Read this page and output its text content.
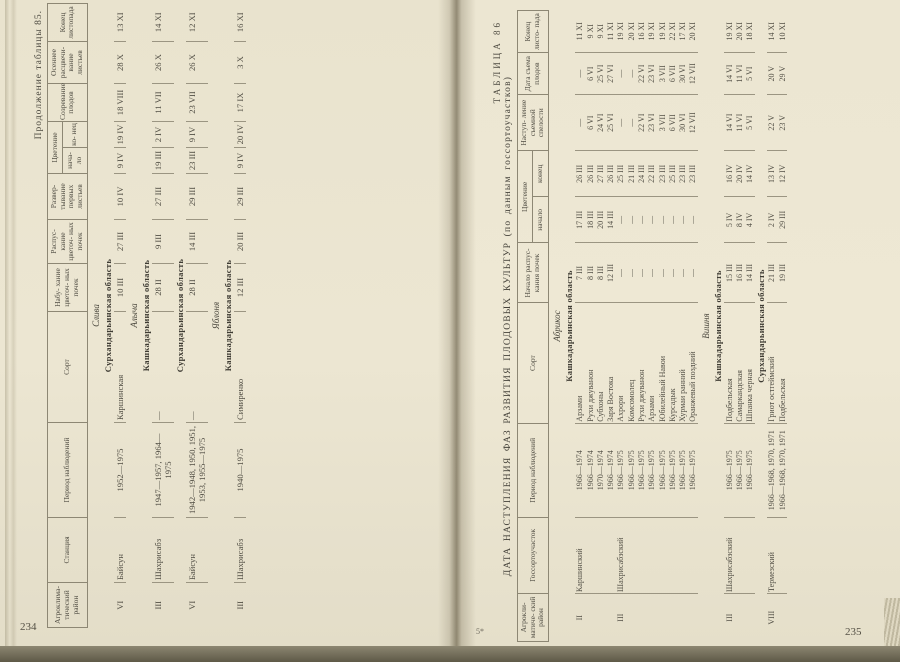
Продолжение таблицы 85.
Агроклима- тический район	Станция	Период наблюдений	Сорт	Набу- хание цветоч- ных почек	Распус- кание цветоч- ных почек	Развер- тывание первых листьев	Цветение		Созревание плодов	Осеннее расцвечи- вание листьев	Конец листопада
							нача- ло	ко- нец			
Слива											
Сурхандарьинская область											
VI	Байсун	1952—1975	Каршинская	10 III	27 III	10 IV	9 IV	19 IV	18 VIII	28 X	13 XI
Алыча											
Кашкадарьинская область											
III	Шахрисабз	1947—1957, 1964—1975	—	28 II	9 III	27 III	19 III	2 IV	11 VII	26 X	14 XI
Сурхандарьинская область											
VI	Байсун	1942—1948, 1950, 1951, 1953, 1955—1975	—	28 II	14 III	29 III	23 III	9 IV	23 VII	26 X	12 XI
Яблоня											
Кашкадарьинская область											
III	Шахрисабз	1940—1975	Симиренко	12 III	20 III	29 III	9 IV	20 IV	17 IX	3 X	16 XI	ТАБЛИЦА 86
ДАТА НАСТУПЛЕНИЯ ФАЗ РАЗВИТИЯ ПЛОДОВЫХ КУЛЬТУР (по данным госсортоучастков)
Агрокли- матиче- ский район	Госсортоучасток	Период наблюдений	Сорт	Начало распус- кания почек	Цветение		Наступ- ление съемной спелости	Дата съема плодов	Конец листо- пада
					начало	конец			
Абрикос									
Кашкадарьинская область									
II	Каршинский	1966—1974	Арзами	7 III	17 III	26 III	—	—	11 XI
		1966—1974	Рухи джуванон	8 III	18 III	26 III	6 VI	6 VI	9 XI
		1970—1974	Субхоны	8 III	20 III	27 III	24 VI	25 VI	9 XI
		1966—1974	Заря Востока	12 III	14 III	26 III	25 VI	27 VI	11 XI
III	Шахрисабзский	1966—1975	Ахрори	—	—	25 III	—	—	19 XI
		1966—1975	Комсомолец	—	—	21 III	—	—	20 XI
		1966—1975	Рухи джуванон	—	—	24 III	22 VI	22 VI	16 XI
		1966—1975	Арзами	—	—	22 III	23 VI	23 VI	19 XI
		1966—1975	Юбилейный Навои	—	—	23 III	3 VII	3 VII	19 XI
		1966—1975	Курсадык	—	—	25 III	6 VII	6 VII	22 XI
		1966—1975	Хурмаи ранний	—	—	23 III	30 VI	30 VI	17 XI
		1966—1975	Оранжевый поздний	—	—	23 III	12 VII	12 VII	20 XI
Вишня									
Кашкадарьинская область									
III	Шахрисабзский	1966—1975	Подбельская	15 III	5 IV	16 IV	14 VI	14 VI	19 XI
		1966—1975	Самаркандская	16 III	8 IV	20 IV	11 VI	11 VI	20 XI
		1966—1975	Шпанка черная	14 III	4 IV	14 IV	5 VI	5 VI	18 XI
Сурхандарьинская область									
VIII	Термезский	1966—1968, 1970, 1971	Гриот остгеймский	21 III	2 IV	13 IV	22 V	20 V	14 XI
		1966—1968, 1970, 1971	Подбельская	19 III	29 III	12 IV	23 V	29 V	10 XI
234	235
5*
